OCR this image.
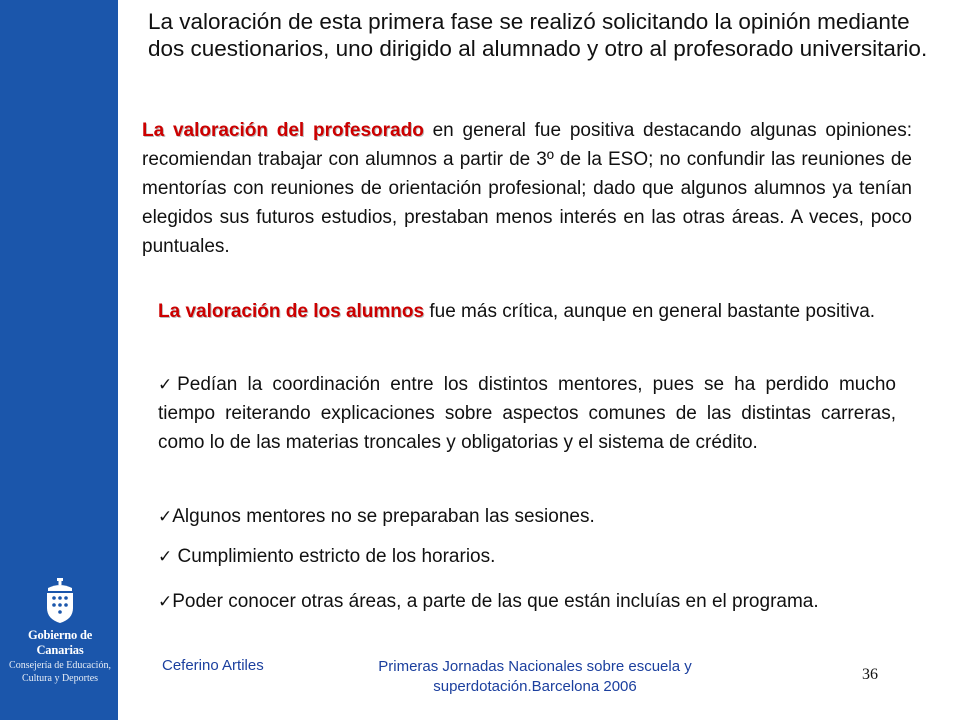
Gobierno de Canarias
Consejería de Educación,
Cultura y Deportes
La valoración de esta primera fase se realizó solicitando la opinión mediante dos cuestionarios, uno dirigido al alumnado y otro al profesorado universitario.
La valoración del profesorado en general fue positiva destacando algunas opiniones: recomiendan trabajar con alumnos a partir de 3º de la ESO; no confundir las reuniones de mentorías con reuniones de orientación profesional; dado que algunos alumnos ya tenían elegidos sus futuros estudios, prestaban menos interés en las otras áreas. A veces, poco puntuales.
La valoración de los alumnos fue más crítica, aunque en general bastante positiva.
✓Pedían la coordinación entre los distintos mentores, pues se ha perdido mucho tiempo reiterando explicaciones sobre aspectos comunes de las distintas carreras, como lo de las materias troncales y obligatorias y el sistema de crédito.
✓Algunos mentores no se preparaban las sesiones.
✓ Cumplimiento estricto de los horarios.
✓Poder conocer otras áreas, a parte de las que están incluías en el programa.
Ceferino Artiles	Primeras Jornadas Nacionales sobre escuela y superdotación.Barcelona 2006
36
